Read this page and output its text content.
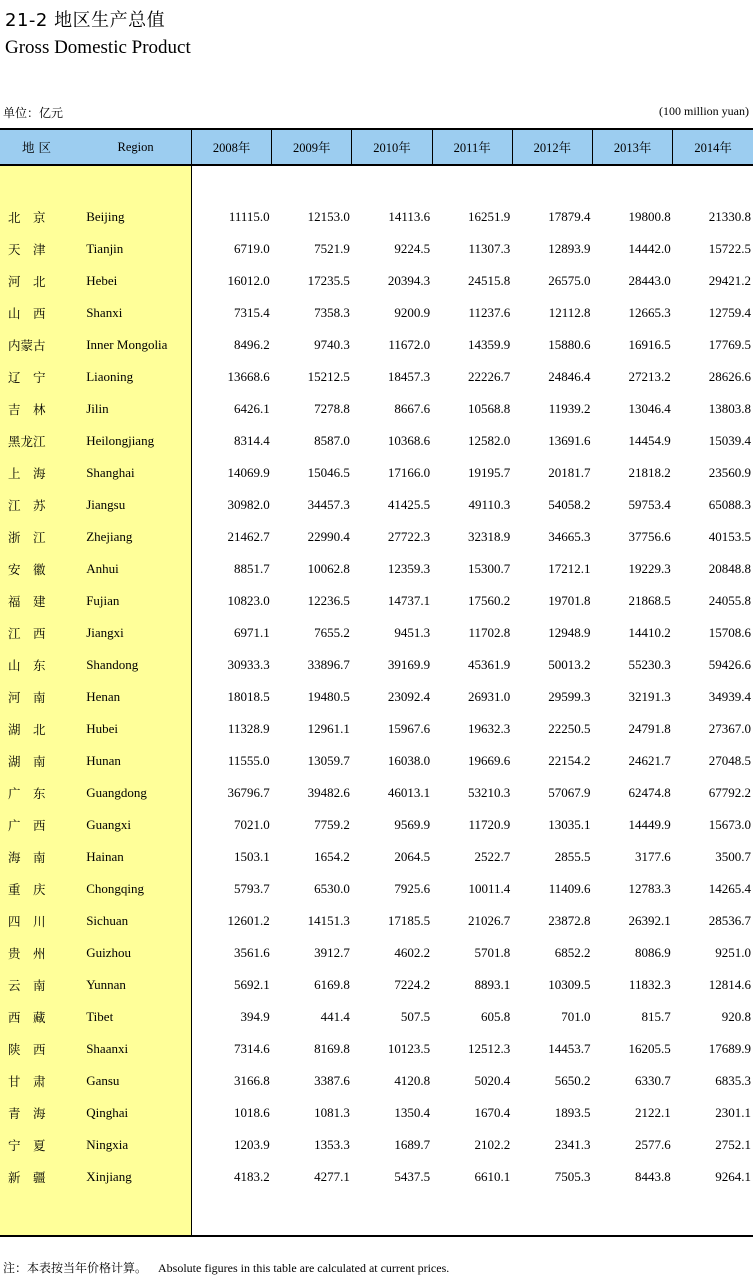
21-2 地区生产总值
Gross Domestic Product
单位：亿元	(100 million yuan)
地 区	Region	2008年	2009年	2010年	2011年	2012年	2013年	2014年

北　京	Beijing	11115.0	12153.0	14113.6	16251.9	17879.4	19800.8	21330.8
天　津	Tianjin	6719.0	7521.9	9224.5	11307.3	12893.9	14442.0	15722.5
河　北	Hebei	16012.0	17235.5	20394.3	24515.8	26575.0	28443.0	29421.2
山　西	Shanxi	7315.4	7358.3	9200.9	11237.6	12112.8	12665.3	12759.4
内蒙古	Inner Mongolia	8496.2	9740.3	11672.0	14359.9	15880.6	16916.5	17769.5
辽　宁	Liaoning	13668.6	15212.5	18457.3	22226.7	24846.4	27213.2	28626.6
吉　林	Jilin	6426.1	7278.8	8667.6	10568.8	11939.2	13046.4	13803.8
黑龙江	Heilongjiang	8314.4	8587.0	10368.6	12582.0	13691.6	14454.9	15039.4
上　海	Shanghai	14069.9	15046.5	17166.0	19195.7	20181.7	21818.2	23560.9
江　苏	Jiangsu	30982.0	34457.3	41425.5	49110.3	54058.2	59753.4	65088.3
浙　江	Zhejiang	21462.7	22990.4	27722.3	32318.9	34665.3	37756.6	40153.5
安　徽	Anhui	8851.7	10062.8	12359.3	15300.7	17212.1	19229.3	20848.8
福　建	Fujian	10823.0	12236.5	14737.1	17560.2	19701.8	21868.5	24055.8
江　西	Jiangxi	6971.1	7655.2	9451.3	11702.8	12948.9	14410.2	15708.6
山　东	Shandong	30933.3	33896.7	39169.9	45361.9	50013.2	55230.3	59426.6
河　南	Henan	18018.5	19480.5	23092.4	26931.0	29599.3	32191.3	34939.4
湖　北	Hubei	11328.9	12961.1	15967.6	19632.3	22250.5	24791.8	27367.0
湖　南	Hunan	11555.0	13059.7	16038.0	19669.6	22154.2	24621.7	27048.5
广　东	Guangdong	36796.7	39482.6	46013.1	53210.3	57067.9	62474.8	67792.2
广　西	Guangxi	7021.0	7759.2	9569.9	11720.9	13035.1	14449.9	15673.0
海　南	Hainan	1503.1	1654.2	2064.5	2522.7	2855.5	3177.6	3500.7
重　庆	Chongqing	5793.7	6530.0	7925.6	10011.4	11409.6	12783.3	14265.4
四　川	Sichuan	12601.2	14151.3	17185.5	21026.7	23872.8	26392.1	28536.7
贵　州	Guizhou	3561.6	3912.7	4602.2	5701.8	6852.2	8086.9	9251.0
云　南	Yunnan	5692.1	6169.8	7224.2	8893.1	10309.5	11832.3	12814.6
西　藏	Tibet	394.9	441.4	507.5	605.8	701.0	815.7	920.8
陕　西	Shaanxi	7314.6	8169.8	10123.5	12512.3	14453.7	16205.5	17689.9
甘　肃	Gansu	3166.8	3387.6	4120.8	5020.4	5650.2	6330.7	6835.3
青　海	Qinghai	1018.6	1081.3	1350.4	1670.4	1893.5	2122.1	2301.1
宁　夏	Ningxia	1203.9	1353.3	1689.7	2102.2	2341.3	2577.6	2752.1
新　疆	Xinjiang	4183.2	4277.1	5437.5	6610.1	7505.3	8443.8	9264.1

注：本表按当年价格计算。 Absolute figures in this table are calculated at current prices.
